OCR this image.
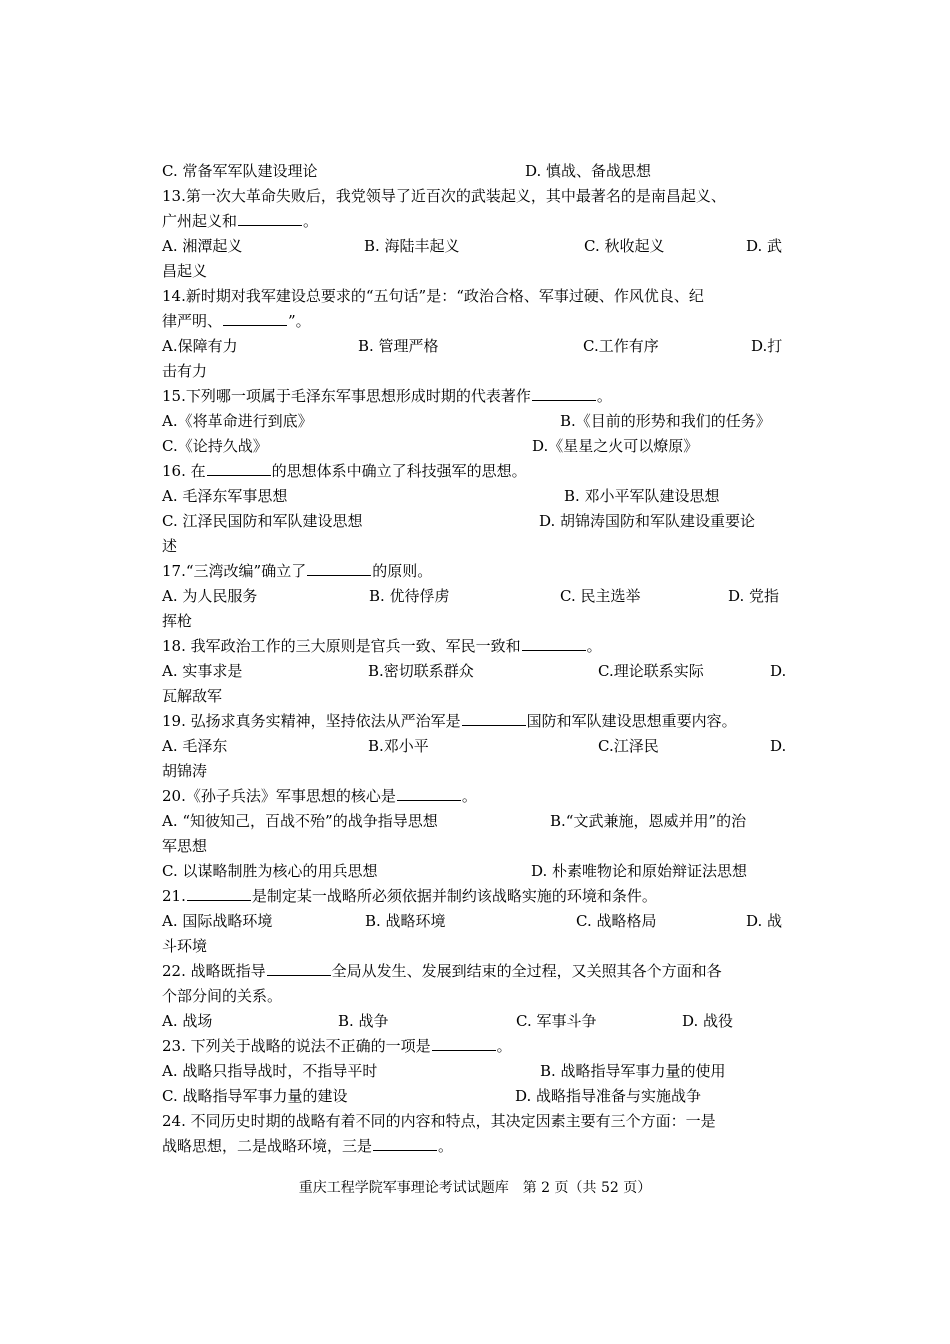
C. 常备军军队建设理论	D. 慎战、备战思想
13.第一次大革命失败后，我党领导了近百次的武装起义，其中最著名的是南昌起义、
广州起义和	。
A. 湘潭起义	B. 海陆丰起义	C. 秋收起义	D. 武
昌起义
14.新时期对我军建设总要求的“五句话”是：“政治合格、军事过硬、作风优良、纪
律严明、	”。
A.保障有力	B. 管理严格	C.工作有序	D.打
击有力
15.下列哪一项属于毛泽东军事思想形成时期的代表著作	。
A.《将革命进行到底》	B.《目前的形势和我们的任务》
C.《论持久战》	D.《星星之火可以燎原》
16. 在	的思想体系中确立了科技强军的思想。
A. 毛泽东军事思想	B. 邓小平军队建设思想
C. 江泽民国防和军队建设思想	D. 胡锦涛国防和军队建设重要论
述
17.“三湾改编”确立了	的原则。
A. 为人民服务	B. 优待俘虏	C. 民主选举	D. 党指
挥枪
18. 我军政治工作的三大原则是官兵一致、军民一致和	。
A. 实事求是	B.密切联系群众	C.理论联系实际	D.
瓦解敌军
19. 弘扬求真务实精神，坚持依法从严治军是	国防和军队建设思想重要内容。
A. 毛泽东	B.邓小平	C.江泽民	D.
胡锦涛
20.《孙子兵法》军事思想的核心是	。
A. “知彼知己，百战不殆”的战争指导思想	B.“文武兼施，恩威并用”的治
军思想
C. 以谋略制胜为核心的用兵思想	D. 朴素唯物论和原始辩证法思想
21.	是制定某一战略所必须依据并制约该战略实施的环境和条件。
A. 国际战略环境	B. 战略环境	C. 战略格局	D. 战
斗环境
22. 战略既指导	全局从发生、发展到结束的全过程，又关照其各个方面和各
个部分间的关系。
A. 战场	B. 战争	C. 军事斗争	D. 战役
23. 下列关于战略的说法不正确的一项是	。
A. 战略只指导战时，不指导平时	B. 战略指导军事力量的使用
C. 战略指导军事力量的建设	D. 战略指导准备与实施战争
24. 不同历史时期的战略有着不同的内容和特点，其决定因素主要有三个方面：一是
战略思想，二是战略环境，三是	。
重庆工程学院军事理论考试试题库　第 2 页（共 52 页）
